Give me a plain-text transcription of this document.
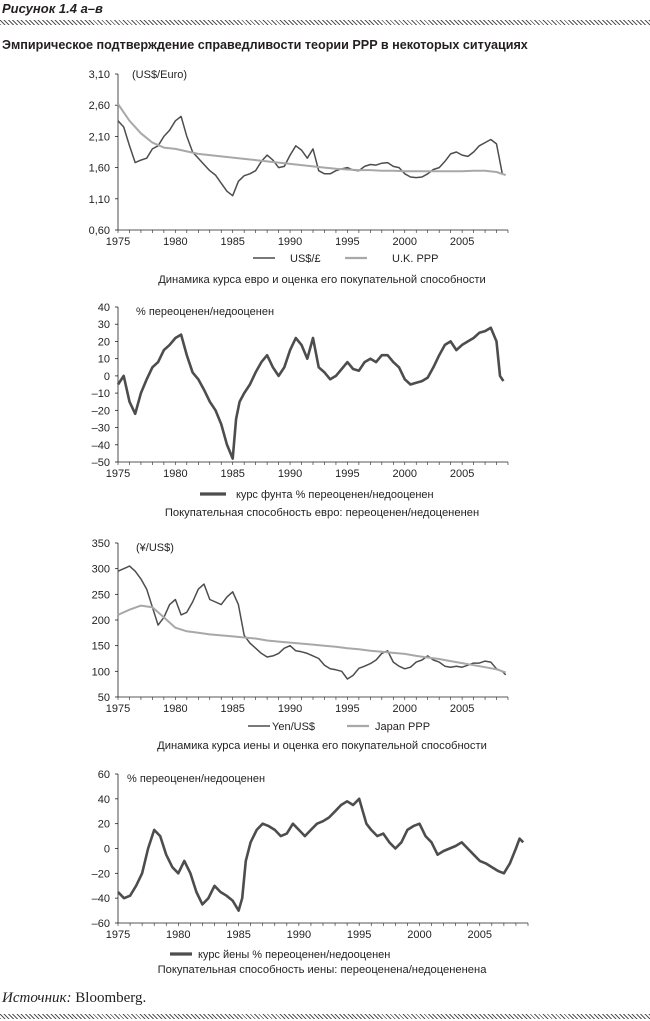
Рисунок 1.4 а–в
Эмпирическое подтверждение справедливости теории PPP в некоторых ситуациях
3,10
2,60
2,10
1,60
1,10
0,60
1975	1980	1985	1990	1995	2000	2005
(US$/Euro)
US$/£	U.K. PPP
Динамика курса евро и оценка его покупательной способности
40
30
20
10
0
–10
–20
–30
–40
–50
1975	1980	1985	1990	1995	2000	2005
% переоценен/недооценен
курс фунта % переоценен/недооценен
Покупательная способность евро: переоценен/недоцененен
350
300
250
200
150
100
50
1975	1980	1985	1990	1995	2000	2005
(¥/US$)
Yen/US$	Japan PPP
Динамика курса иены и оценка его покупательной способности
60
40
20
0
–20
–40
–60
1975	1980	1985	1990	1995	2000	2005
% переоценен/недооценен
курс йены % переоценен/недооценен
Покупательная способность иены: переоценена/недоцененена
Источник: Bloomberg.
